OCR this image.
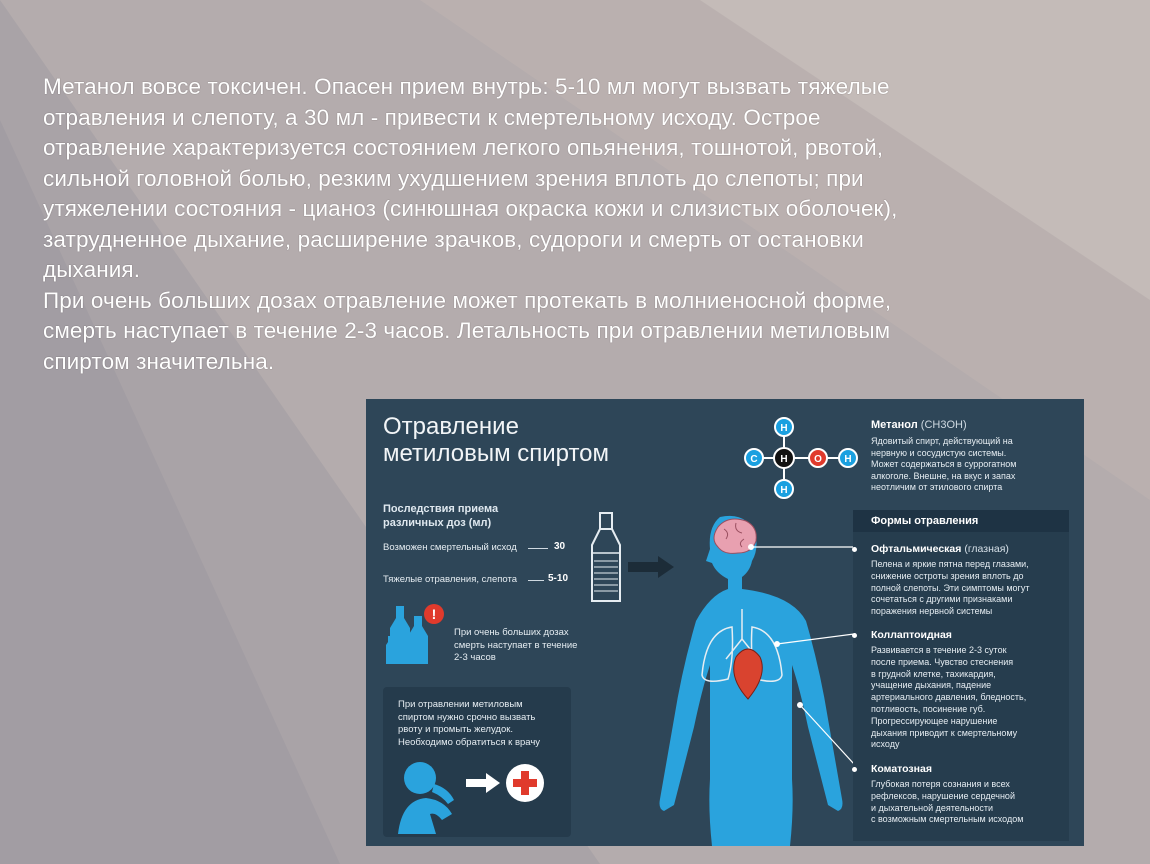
Метанол вовсе токсичен. Опасен прием внутрь: 5-10 мл могут вызвать тяжелые
отравления и слепоту, а 30 мл - привести к смертельному исходу. Острое
отравление характеризуется состоянием легкого опьянения, тошнотой, рвотой,
сильной головной болью, резким ухудшением зрения вплоть до слепоты; при
утяжелении состояния - цианоз (синюшная окраска кожи и слизистых оболочек),
затрудненное дыхание, расширение зрачков, судороги и смерть от остановки
дыхания.

При очень больших дозах отравление может протекать в молниеносной форме,
смерть наступает в течение 2-3 часов. Летальность при отравлении метиловым
спиртом значительна.

Отравление
метиловым спиртом
H
C H	O H
H
Метанол (CH3OH)
Ядовитый спирт, действующий на
нервную и сосудистую системы.
Может содержаться в суррогатном
алкоголе. Внешне, на вкус и запах
неотличим от этилового спирта
Последствия приема
различных доз (мл)
Возможен смертельный исход	30
Тяжелые отравления, слепота	5-10
!
При очень больших дозах
смерть наступает в течение
2-3 часов
При отравлении метиловым
спиртом нужно срочно вызвать
рвоту и промыть желудок.
Необходимо обратиться к врачу
Формы отравления
Офтальмическая (глазная)
Пелена и яркие пятна перед глазами,
снижение остроты зрения вплоть до
полной слепоты. Эти симптомы могут
сочетаться с другими признаками
поражения нервной системы
Коллаптоидная
Развивается в течение 2-3 суток
после приема. Чувство стеснения
в грудной клетке, тахикардия,
учащение дыхания, падение
артериального давления, бледность,
потливость, посинение губ.
Прогрессирующее нарушение
дыхания приводит к смертельному
исходу
Коматозная
Глубокая потеря сознания и всех
рефлексов, нарушение сердечной
и дыхательной деятельности
с возможным смертельным исходом
